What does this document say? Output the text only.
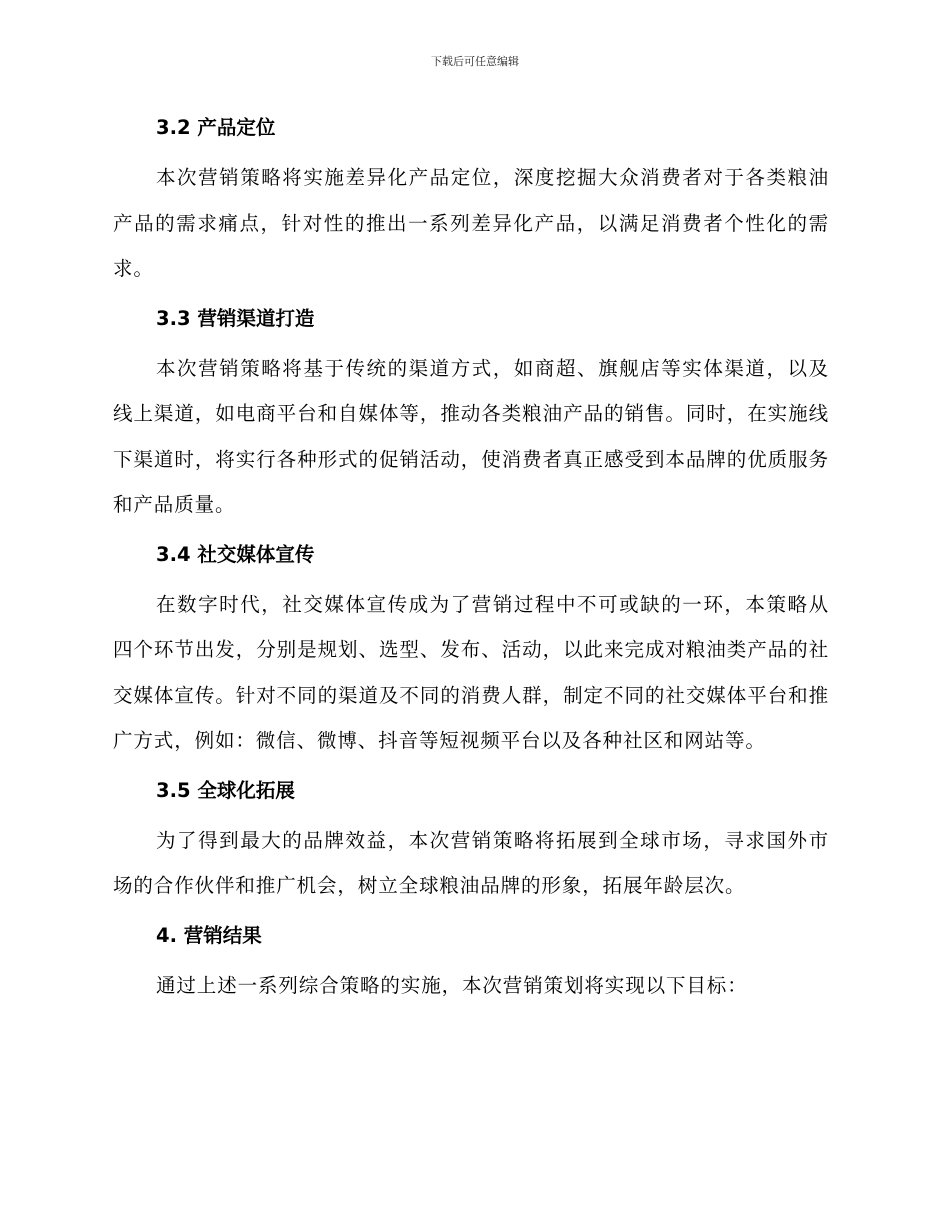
下载后可任意编辑
3.2 产品定位

本次营销策略将实施差异化产品定位，深度挖掘大众消费者对于各类粮油产品的需求痛点，针对性的推出一系列差异化产品，以满足消费者个性化的需求。

3.3 营销渠道打造

本次营销策略将基于传统的渠道方式，如商超、旗舰店等实体渠道，以及线上渠道，如电商平台和自媒体等，推动各类粮油产品的销售。同时，在实施线下渠道时，将实行各种形式的促销活动，使消费者真正感受到本品牌的优质服务和产品质量。

3.4 社交媒体宣传

在数字时代，社交媒体宣传成为了营销过程中不可或缺的一环，本策略从四个环节出发，分别是规划、选型、发布、活动，以此来完成对粮油类产品的社交媒体宣传。针对不同的渠道及不同的消费人群，制定不同的社交媒体平台和推广方式，例如：微信、微博、抖音等短视频平台以及各种社区和网站等。

3.5 全球化拓展

为了得到最大的品牌效益，本次营销策略将拓展到全球市场，寻求国外市场的合作伙伴和推广机会，树立全球粮油品牌的形象，拓展年龄层次。

4. 营销结果

通过上述一系列综合策略的实施，本次营销策划将实现以下目标：
